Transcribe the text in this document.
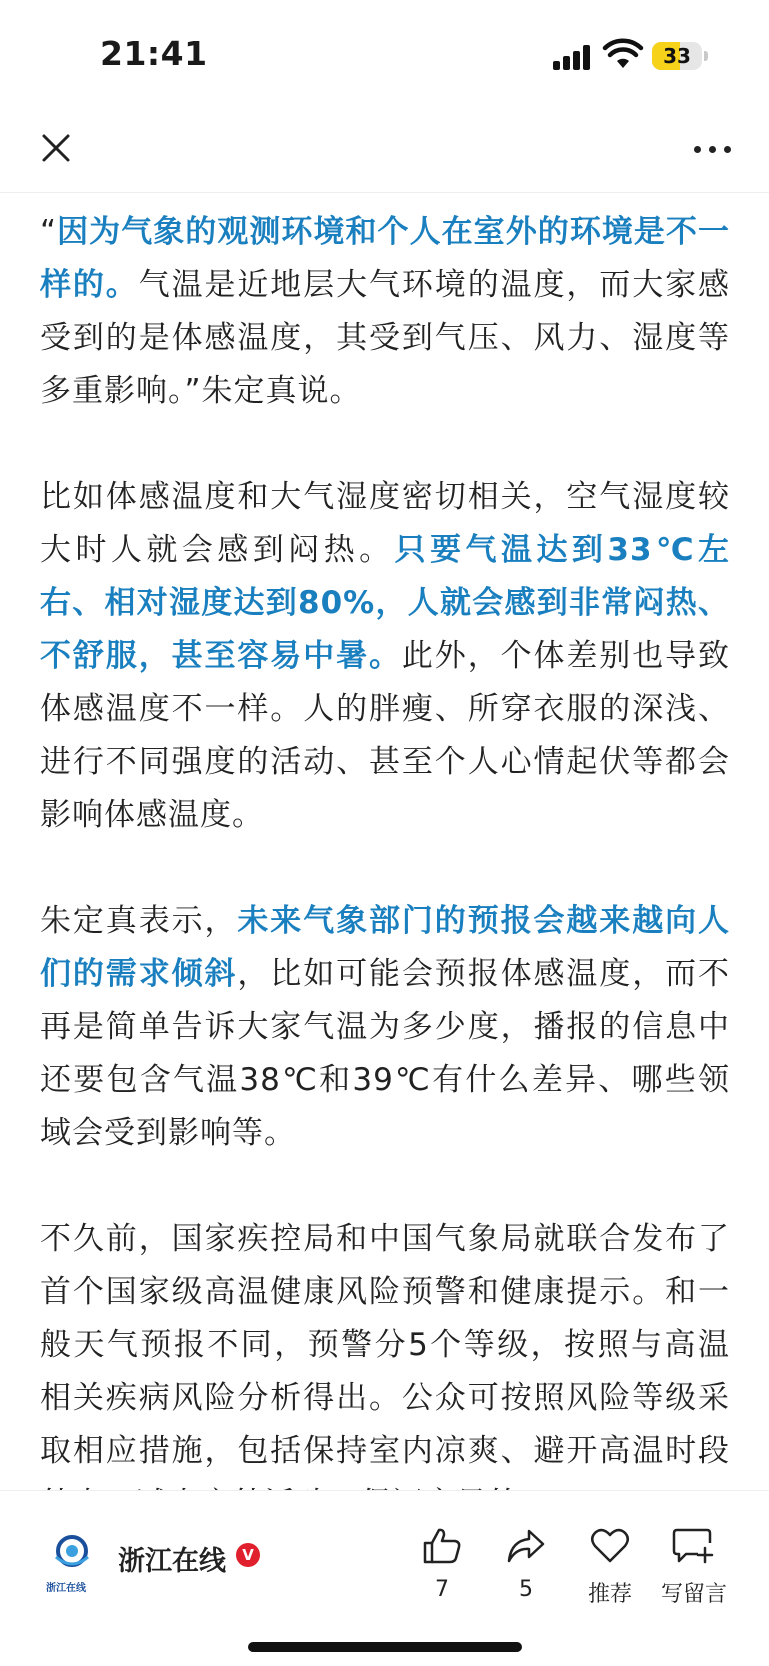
21:41	33

“因为气象的观测环境和个人在室外的环境是不一样的。气温是近地层大气环境的温度，而大家感受到的是体感温度，其受到气压、风力、湿度等多重影响。”朱定真说。

比如体感温度和大气湿度密切相关，空气湿度较大时人就会感到闷热。只要气温达到33℃左右、相对湿度达到80%，人就会感到非常闷热、不舒服，甚至容易中暑。此外，个体差别也导致体感温度不一样。人的胖瘦、所穿衣服的深浅、进行不同强度的活动、甚至个人心情起伏等都会影响体感温度。

朱定真表示，未来气象部门的预报会越来越向人们的需求倾斜，比如可能会预报体感温度，而不再是简单告诉大家气温为多少度，播报的信息中还要包含气温38℃和39℃有什么差异、哪些领域会受到影响等。

不久前，国家疾控局和中国气象局就联合发布了首个国家级高温健康风险预警和健康提示。和一般天气预报不同，预警分5个等级，按照与高温相关疾病风险分析得出。公众可按照风险等级采取相应措施，包括保持室内凉爽、避开高温时段

浙江在线
浙江在线	V
7	5	推荐	写留言
